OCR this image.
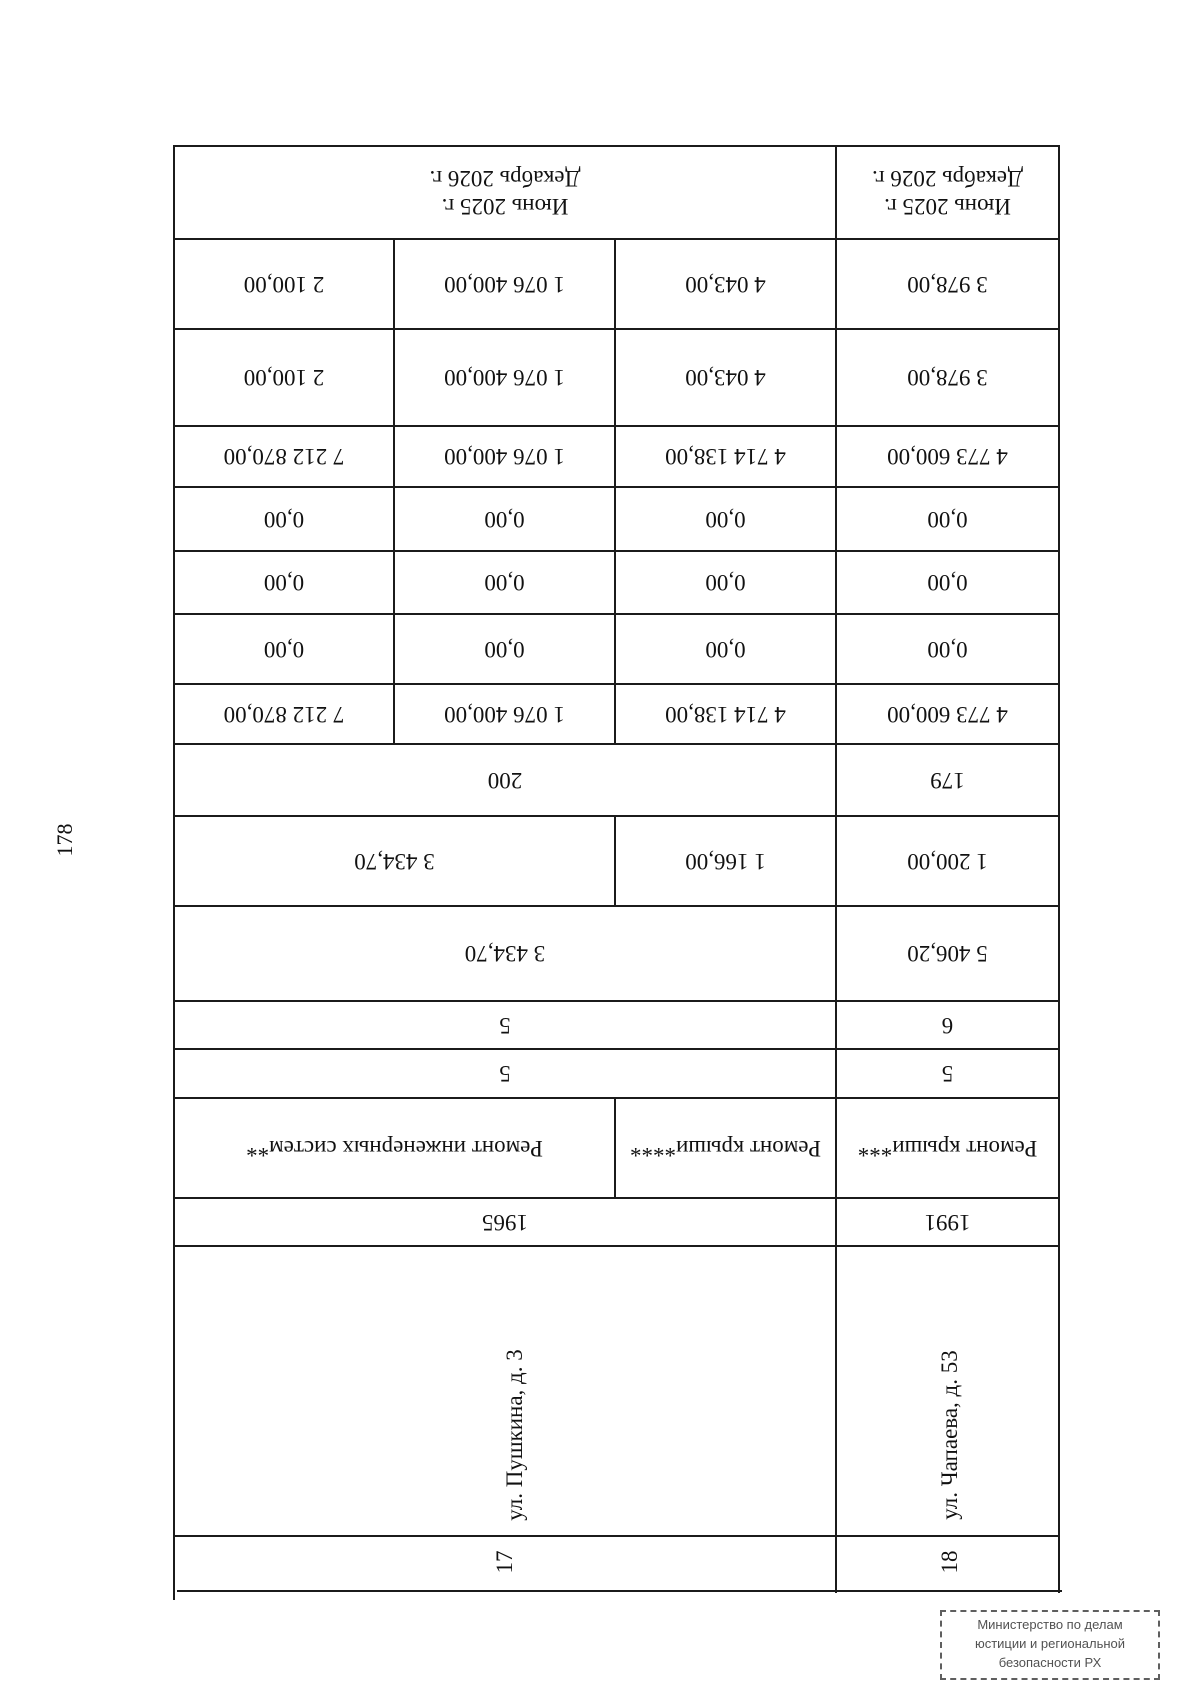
178
Июнь 2025 г.
Декабрь 2026 г.
Июнь 2025 г.
Декабрь 2026 г.
2 100,00	1 076 400,00	4 043,00	3 978,00
2 100,00	1 076 400,00	4 043,00	3 978,00
7 212 870,00	1 076 400,00	4 714 138,00	4 773 600,00
0,00	0,00	0,00	0,00
0,00	0,00	0,00	0,00
0,00	0,00	0,00	0,00
7 212 870,00	1 076 400,00	4 714 138,00	4 773 600,00
200	179
3 434,70	1 166,00	1 200,00
3 434,70	5 406,20
5	6
5	5
Ремонт инженерных систем**	Ремонт крыши****	Ремонт крыши***
1965	1991
ул. Пушкина, д. 3	ул. Чапаева, д. 53
17	18
Министерство по делам
юстиции и региональной
безопасности РХ
